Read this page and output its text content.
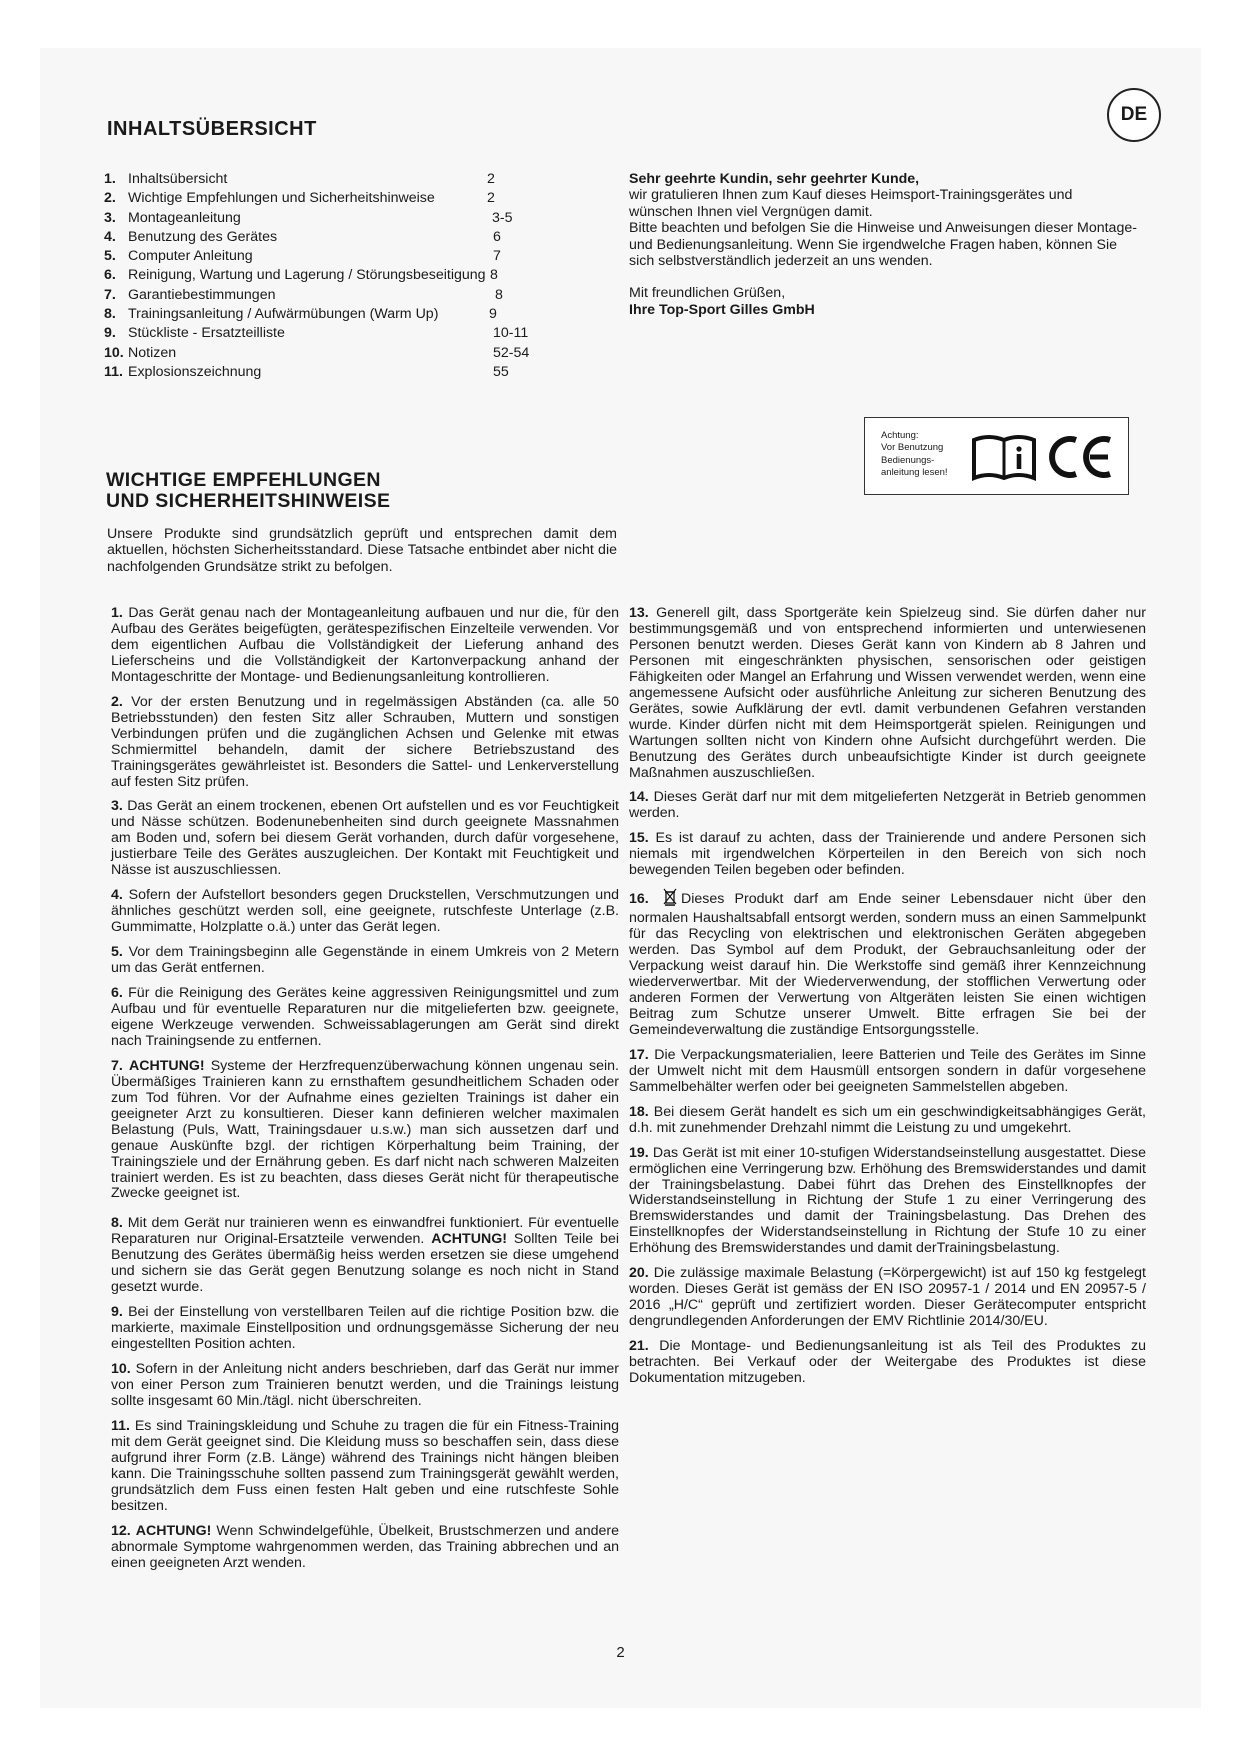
DE
INHALTSÜBERSICHT
1. Inhaltsübersicht	2
2. Wichtige Empfehlungen und Sicherheitshinweise	2
3. Montageanleitung	3-5
4. Benutzung des Gerätes	6
5. Computer Anleitung	7
6. Reinigung, Wartung und Lagerung / Störungsbeseitigung 8
7. Garantiebestimmungen	8
8. Trainingsanleitung / Aufwärmübungen (Warm Up)	9
9. Stückliste - Ersatzteilliste	10-11
10. Notizen	52-54
11. Explosionszeichnung	55

Sehr geehrte Kundin, sehr geehrter Kunde,

wir gratulieren Ihnen zum Kauf dieses Heimsport-Trainingsgerätes und wünschen Ihnen viel Vergnügen damit.

Bitte beachten und befolgen Sie die Hinweise und Anweisungen dieser Montage- und Bedienungsanleitung. Wenn Sie irgendwelche Fragen haben, können Sie sich selbstverständlich jederzeit an uns wenden.

Mit freundlichen Grüßen,

Ihre Top-Sport Gilles GmbH

Achtung:
Vor Benutzung
Bedienungs-
anleitung lesen!
WICHTIGE EMPFEHLUNGEN
UND SICHERHEITSHINWEISE

Unsere Produkte sind grundsätzlich geprüft und entsprechen damit dem aktuellen, höchsten Sicherheitsstandard. Diese Tatsache entbindet aber nicht die nachfolgenden Grundsätze strikt zu befolgen.

1. Das Gerät genau nach der Montageanleitung aufbauen und nur die, für den Aufbau des Gerätes beigefügten, gerätespezifischen Einzelteile verwenden. Vor dem eigentlichen Aufbau die Vollständigkeit der Lieferung anhand des Lieferscheins und die Vollständigkeit der Kartonverpackung anhand der Montageschritte der Montage- und Bedienungsanleitung kontrollieren.

2. Vor der ersten Benutzung und in regelmässigen Abständen (ca. alle 50 Betriebsstunden) den festen Sitz aller Schrauben, Muttern und sonstigen Verbindungen prüfen und die zugänglichen Achsen und Gelenke mit etwas Schmiermittel behandeln, damit der sichere Betriebszustand des Trainingsgerätes gewährleistet ist. Besonders die Sattel- und Lenkerverstellung auf festen Sitz prüfen.

3. Das Gerät an einem trockenen, ebenen Ort aufstellen und es vor Feuchtigkeit und Nässe schützen. Bodenunebenheiten sind durch geeignete Massnahmen am Boden und, sofern bei diesem Gerät vorhanden, durch dafür vorgesehene, justierbare Teile des Gerätes auszugleichen. Der Kontakt mit Feuchtigkeit und Nässe ist auszuschliessen.

4. Sofern der Aufstellort besonders gegen Druckstellen, Verschmutzungen und ähnliches geschützt werden soll, eine geeignete, rutschfeste Unterlage (z.B. Gummimatte, Holzplatte o.ä.) unter das Gerät legen.

5. Vor dem Trainingsbeginn alle Gegenstände in einem Umkreis von 2 Metern um das Gerät entfernen.

6. Für die Reinigung des Gerätes keine aggressiven Reinigungsmittel und zum Aufbau und für eventuelle Reparaturen nur die mitgelieferten bzw. geeignete, eigene Werkzeuge verwenden. Schweissablagerungen am Gerät sind direkt nach Trainingsende zu entfernen.

7. ACHTUNG! Systeme der Herzfrequenzüberwachung können ungenau sein. Übermäßiges Trainieren kann zu ernsthaftem gesundheitlichem Schaden oder zum Tod führen. Vor der Aufnahme eines gezielten Trainings ist daher ein geeigneter Arzt zu konsultieren. Dieser kann definieren welcher maximalen Belastung (Puls, Watt, Trainingsdauer u.s.w.) man sich aussetzen darf und genaue Auskünfte bzgl. der richtigen Körperhaltung beim Training, der Trainingsziele und der Ernährung geben. Es darf nicht nach schweren Malzeiten trainiert werden. Es ist zu beachten, dass dieses Gerät nicht für therapeutische Zwecke geeignet ist.

8. Mit dem Gerät nur trainieren wenn es einwandfrei funktioniert. Für eventuelle Reparaturen nur Original-Ersatzteile verwenden. ACHTUNG! Sollten Teile bei Benutzung des Gerätes übermäßig heiss werden ersetzen sie diese umgehend und sichern sie das Gerät gegen Benutzung solange es noch nicht in Stand gesetzt wurde.

9. Bei der Einstellung von verstellbaren Teilen auf die richtige Position bzw. die markierte, maximale Einstellposition und ordnungsgemässe Sicherung der neu eingestellten Position achten.

10. Sofern in der Anleitung nicht anders beschrieben, darf das Gerät nur immer von einer Person zum Trainieren benutzt werden, und die Trainings leistung sollte insgesamt 60 Min./tägl. nicht überschreiten.

11. Es sind Trainingskleidung und Schuhe zu tragen die für ein Fitness-Training mit dem Gerät geeignet sind. Die Kleidung muss so beschaffen sein, dass diese aufgrund ihrer Form (z.B. Länge) während des Trainings nicht hängen bleiben kann. Die Trainingsschuhe sollten passend zum Trainingsgerät gewählt werden, grundsätzlich dem Fuss einen festen Halt geben und eine rutschfeste Sohle besitzen.

12. ACHTUNG! Wenn Schwindelgefühle, Übelkeit, Brustschmerzen und andere abnormale Symptome wahrgenommen werden, das Training abbrechen und an einen geeigneten Arzt wenden.

13. Generell gilt, dass Sportgeräte kein Spielzeug sind. Sie dürfen daher nur bestimmungsgemäß und von entsprechend informierten und unterwiesenen Personen benutzt werden. Dieses Gerät kann von Kindern ab 8 Jahren und Personen mit eingeschränkten physischen, sensorischen oder geistigen Fähigkeiten oder Mangel an Erfahrung und Wissen verwendet werden, wenn eine angemessene Aufsicht oder ausführliche Anleitung zur sicheren Benutzung des Gerätes, sowie Aufklärung der evtl. damit verbundenen Gefahren verstanden wurde. Kinder dürfen nicht mit dem Heimsportgerät spielen. Reinigungen und Wartungen sollten nicht von Kindern ohne Aufsicht durchgeführt werden. Die Benutzung des Gerätes durch unbeaufsichtigte Kinder ist durch geeignete Maßnahmen auszuschließen.

14. Dieses Gerät darf nur mit dem mitgelieferten Netzgerät in Betrieb genommen werden.

15. Es ist darauf zu achten, dass der Trainierende und andere Personen sich niemals mit irgendwelchen Körperteilen in den Bereich von sich noch bewegenden Teilen begeben oder befinden.

16. Dieses Produkt darf am Ende seiner Lebensdauer nicht über den normalen Haushaltsabfall entsorgt werden, sondern muss an einen Sammelpunkt für das Recycling von elektrischen und elektronischen Geräten abgegeben werden. Das Symbol auf dem Produkt, der Gebrauchsanleitung oder der Verpackung weist darauf hin. Die Werkstoffe sind gemäß ihrer Kennzeichnung wiederverwertbar. Mit der Wiederverwendung, der stofflichen Verwertung oder anderen Formen der Verwertung von Altgeräten leisten Sie einen wichtigen Beitrag zum Schutze unserer Umwelt. Bitte erfragen Sie bei der Gemeindeverwaltung die zuständige Entsorgungsstelle.

17. Die Verpackungsmaterialien, leere Batterien und Teile des Gerätes im Sinne der Umwelt nicht mit dem Hausmüll entsorgen sondern in dafür vorgesehene Sammelbehälter werfen oder bei geeigneten Sammelstellen abgeben.

18. Bei diesem Gerät handelt es sich um ein geschwindigkeitsabhängiges Gerät, d.h. mit zunehmender Drehzahl nimmt die Leistung zu und umgekehrt.

19. Das Gerät ist mit einer 10-stufigen Widerstandseinstellung ausgestattet. Diese ermöglichen eine Verringerung bzw. Erhöhung des Bremswiderstandes und damit der Trainingsbelastung. Dabei führt das Drehen des Einstellknopfes der Widerstandseinstellung in Richtung der Stufe 1 zu einer Verringerung des Bremswiderstandes und damit der Trainingsbelastung. Das Drehen des Einstellknopfes der Widerstandseinstellung in Richtung der Stufe 10 zu einer Erhöhung des Bremswiderstandes und damit derTrainingsbelastung.

20. Die zulässige maximale Belastung (=Körpergewicht) ist auf 150 kg festgelegt worden. Dieses Gerät ist gemäss der EN ISO 20957-1 / 2014 und EN 20957-5 / 2016 „H/C“ geprüft und zertifiziert worden. Dieser Gerätecomputer entspricht dengrundlegenden Anforderungen der EMV Richtlinie 2014/30/EU.

21. Die Montage- und Bedienungsanleitung ist als Teil des Produktes zu betrachten. Bei Verkauf oder der Weitergabe des Produktes ist diese Dokumentation mitzugeben.

2
